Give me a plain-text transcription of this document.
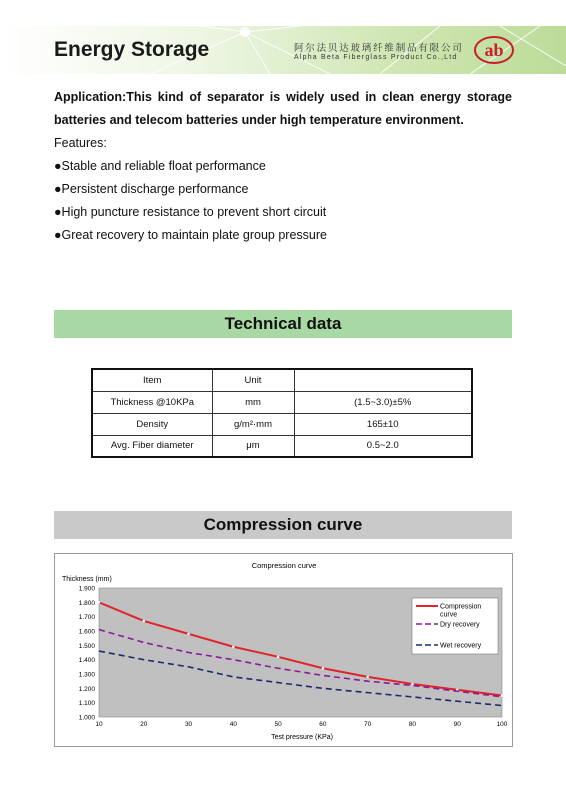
Energy Storage	阿尔法贝达玻璃纤维制品有限公司
Alpha Beta Fiberglass Product Co.,Ltd ab

Application:This kind of separator is widely used in clean energy storage batteries and telecom batteries under high temperature environment.

Features:

●Stable and reliable float performance

●Persistent discharge performance

●High puncture resistance to prevent short circuit

●Great recovery to maintain plate group pressure

Technical data
Item	Unit	
Thickness @10KPa	mm	(1.5~3.0)±5%
Density	g/m²·mm	165±10
Avg. Fiber diameter	μm	0.5~2.0
Compression curve
Compression curve
Thickness (mm)
Test pressure (KPa)
1.000
1.100
1.200
1.300
1.400
1.500
1.600
1.700
1.800
1.900
10	20	30	40	50	60	70	80	90	100
Compression
curve
Dry recovery
Wet recovery
